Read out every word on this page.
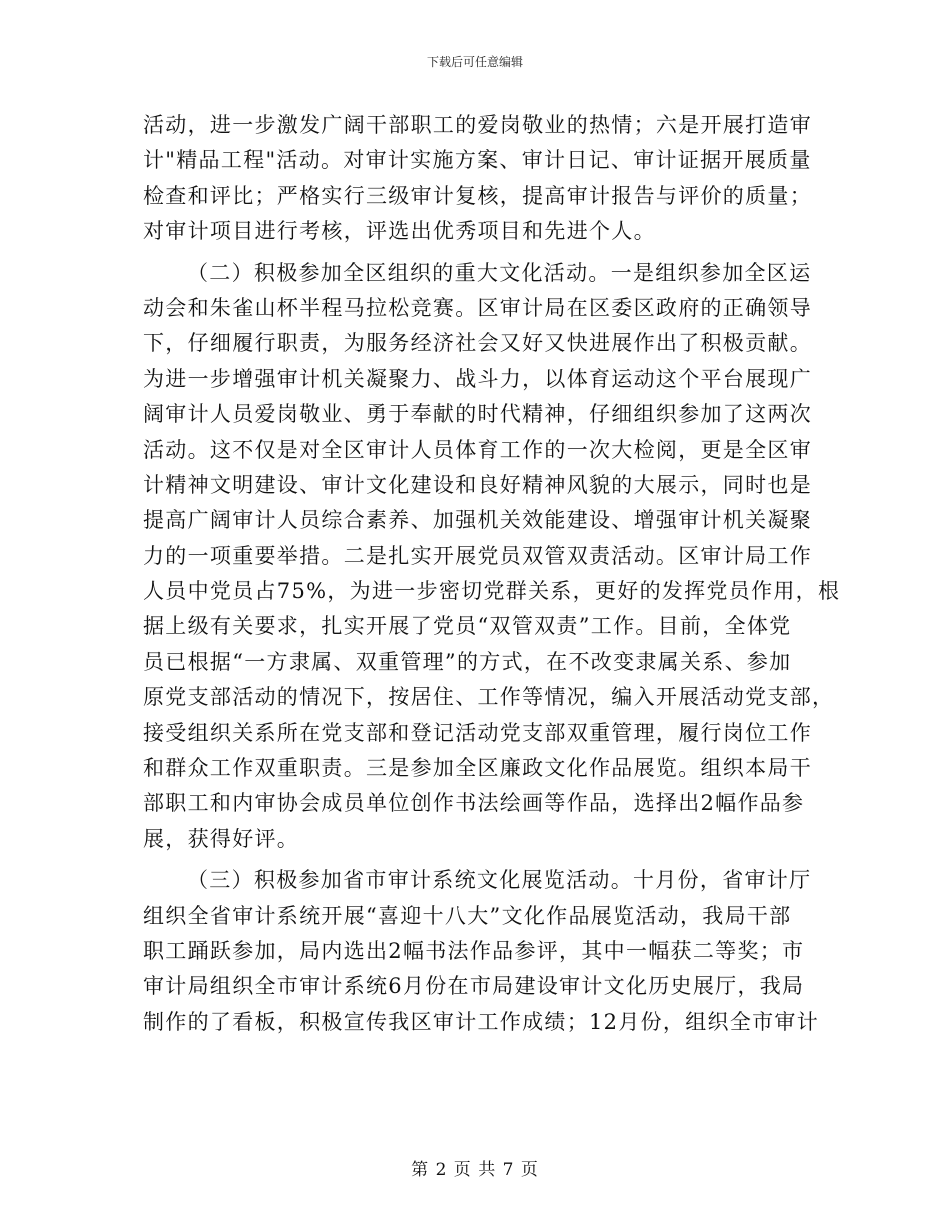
下载后可任意编辑
活动，进一步激发广阔干部职工的爱岗敬业的热情；六是开展打造审
计"精品工程"活动。对审计实施方案、审计日记、审计证据开展质量
检查和评比；严格实行三级审计复核，提高审计报告与评价的质量；
对审计项目进行考核，评选出优秀项目和先进个人。
（二）积极参加全区组织的重大文化活动。一是组织参加全区运
动会和朱雀山杯半程马拉松竞赛。区审计局在区委区政府的正确领导
下，仔细履行职责，为服务经济社会又好又快进展作出了积极贡献。
为进一步增强审计机关凝聚力、战斗力，以体育运动这个平台展现广
阔审计人员爱岗敬业、勇于奉献的时代精神，仔细组织参加了这两次
活动。这不仅是对全区审计人员体育工作的一次大检阅，更是全区审
计精神文明建设、审计文化建设和良好精神风貌的大展示，同时也是
提高广阔审计人员综合素养、加强机关效能建设、增强审计机关凝聚
力的一项重要举措。二是扎实开展党员双管双责活动。区审计局工作
人员中党员占75%，为进一步密切党群关系，更好的发挥党员作用，根
据上级有关要求，扎实开展了党员“双管双责”工作。目前，全体党
员已根据“一方隶属、双重管理”的方式，在不改变隶属关系、参加
原党支部活动的情况下，按居住、工作等情况，编入开展活动党支部，
接受组织关系所在党支部和登记活动党支部双重管理，履行岗位工作
和群众工作双重职责。三是参加全区廉政文化作品展览。组织本局干
部职工和内审协会成员单位创作书法绘画等作品，选择出2幅作品参
展，获得好评。
（三）积极参加省市审计系统文化展览活动。十月份，省审计厅
组织全省审计系统开展“喜迎十八大”文化作品展览活动，我局干部
职工踊跃参加，局内选出2幅书法作品参评，其中一幅获二等奖；市
审计局组织全市审计系统6月份在市局建设审计文化历史展厅，我局
制作的了看板，积极宣传我区审计工作成绩；12月份，组织全市审计
第 2 页 共 7 页
